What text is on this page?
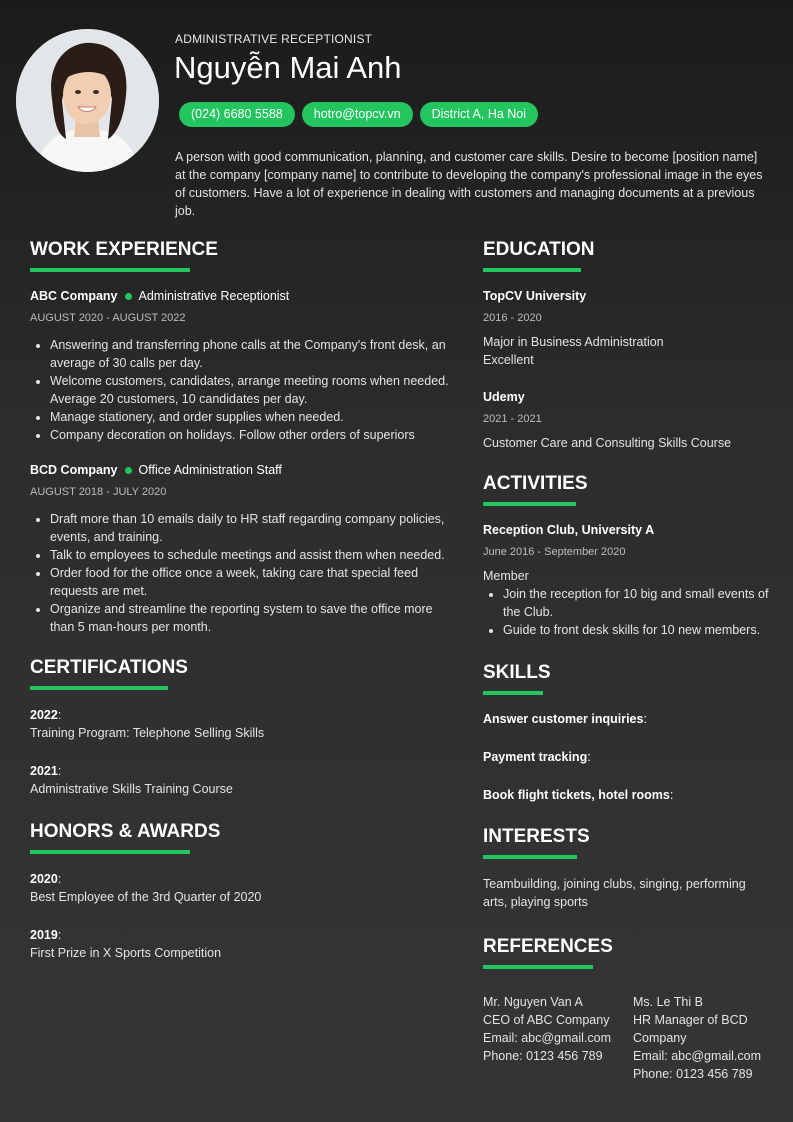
ADMINISTRATIVE RECEPTIONIST
Nguyễn Mai Anh
(024) 6680 5588	hotro@topcv.vn	District A, Ha Noi
A person with good communication, planning, and customer care skills. Desire to become [position name] at the company [company name] to contribute to developing the company's professional image in the eyes of customers. Have a lot of experience in dealing with customers and managing documents at a previous job.
WORK EXPERIENCE
ABC Company Administrative Receptionist
AUGUST 2020 - AUGUST 2022
• Answering and transferring phone calls at the Company's front desk, an average of 30 calls per day.
• Welcome customers, candidates, arrange meeting rooms when needed. Average 20 customers, 10 candidates per day.
• Manage stationery, and order supplies when needed.
• Company decoration on holidays. Follow other orders of superiors
BCD Company Office Administration Staff
AUGUST 2018 - JULY 2020
• Draft more than 10 emails daily to HR staff regarding company policies, events, and training.
• Talk to employees to schedule meetings and assist them when needed.
• Order food for the office once a week, taking care that special feed requests are met.
• Organize and streamline the reporting system to save the office more than 5 man-hours per month.
CERTIFICATIONS
2022:
Training Program: Telephone Selling Skills
2021:
Administrative Skills Training Course
HONORS & AWARDS
2020:
Best Employee of the 3rd Quarter of 2020
2019:
First Prize in X Sports Competition
EDUCATION
TopCV University
2016 - 2020
Major in Business Administration
Excellent
Udemy
2021 - 2021
Customer Care and Consulting Skills Course
ACTIVITIES
Reception Club, University A
June 2016 - September 2020
Member
• Join the reception for 10 big and small events of the Club.
• Guide to front desk skills for 10 new members.
SKILLS
Answer customer inquiries:
Payment tracking:
Book flight tickets, hotel rooms:
INTERESTS
Teambuilding, joining clubs, singing, performing arts, playing sports
REFERENCES
Mr. Nguyen Van A
CEO of ABC Company
Email: abc@gmail.com
Phone: 0123 456 789
Ms. Le Thi B
HR Manager of BCD Company
Email: abc@gmail.com
Phone: 0123 456 789
